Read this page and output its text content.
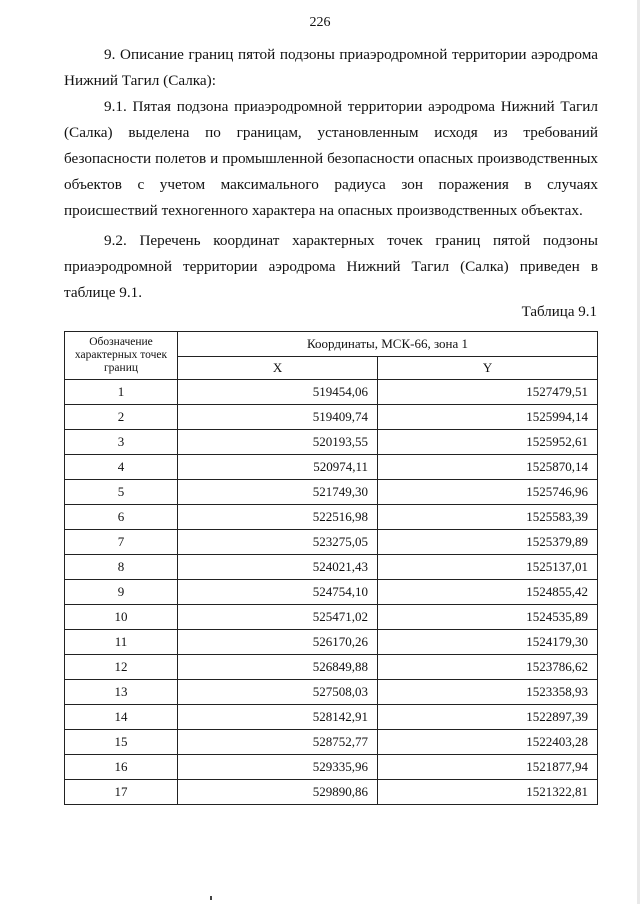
226

9. Описание границ пятой подзоны приаэродромной территории аэродрома Нижний Тагил (Салка):

9.1. Пятая подзона приаэродромной территории аэродрома Нижний Тагил (Салка) выделена по границам, установленным исходя из требований безопасности полетов и промышленной безопасности опасных производственных объектов с учетом максимального радиуса зон поражения в случаях происшествий техногенного характера на опасных производственных объектах.

9.2. Перечень координат характерных точек границ пятой подзоны приаэродромной территории аэродрома Нижний Тагил (Салка) приведен в таблице 9.1.

Таблица 9.1
Обозначение характерных точек границ	Координаты, МСК-66, зона 1	
	X	Y
1	519454,06	1527479,51
2	519409,74	1525994,14
3	520193,55	1525952,61
4	520974,11	1525870,14
5	521749,30	1525746,96
6	522516,98	1525583,39
7	523275,05	1525379,89
8	524021,43	1525137,01
9	524754,10	1524855,42
10	525471,02	1524535,89
11	526170,26	1524179,30
12	526849,88	1523786,62
13	527508,03	1523358,93
14	528142,91	1522897,39
15	528752,77	1522403,28
16	529335,96	1521877,94
17	529890,86	1521322,81
